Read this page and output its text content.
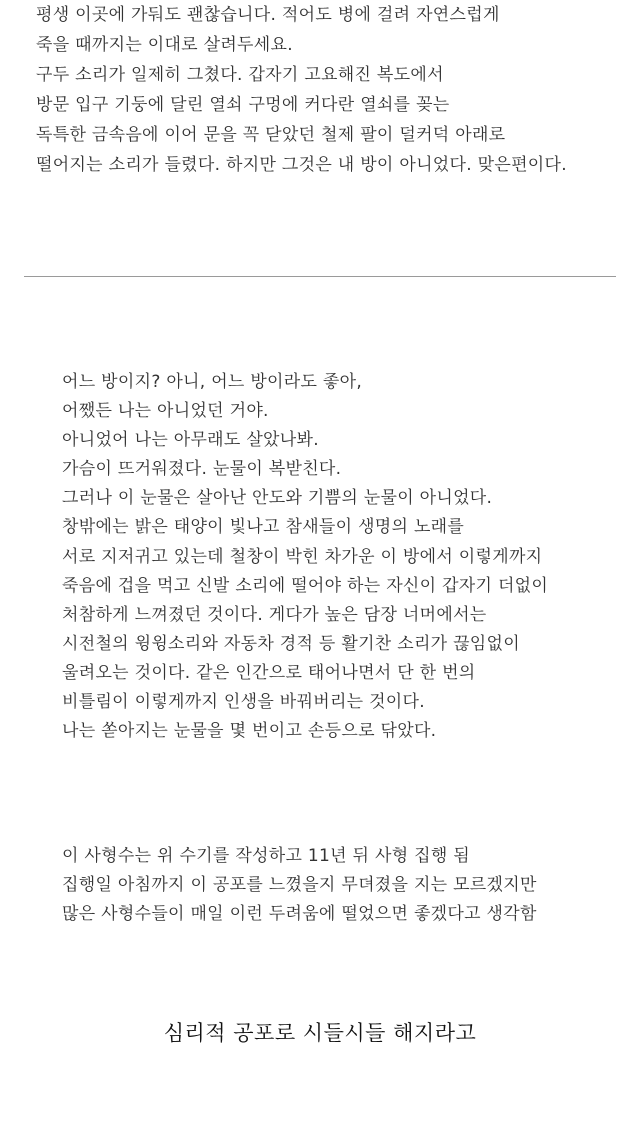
평생 이곳에 가둬도 괜찮습니다. 적어도 병에 걸려 자연스럽게
죽을 때까지는 이대로 살려두세요.
구두 소리가 일제히 그쳤다. 갑자기 고요해진 복도에서
방문 입구 기둥에 달린 열쇠 구멍에 커다란 열쇠를 꽂는
독특한 금속음에 이어 문을 꼭 닫았던 철제 팔이 덜커덕 아래로
떨어지는 소리가 들렸다. 하지만 그것은 내 방이 아니었다. 맞은편이다.
어느 방이지? 아니, 어느 방이라도 좋아,
어쨌든 나는 아니었던 거야.
아니었어 나는 아무래도 살았나봐.
가슴이 뜨거워졌다. 눈물이 복받친다.
그러나 이 눈물은 살아난 안도와 기쁨의 눈물이 아니었다.
창밖에는 밝은 태양이 빛나고 참새들이 생명의 노래를
서로 지저귀고 있는데 철창이 박힌 차가운 이 방에서 이렇게까지
죽음에 겁을 먹고 신발 소리에 떨어야 하는 자신이 갑자기 더없이
처참하게 느껴졌던 것이다. 게다가 높은 담장 너머에서는
시전철의 윙윙소리와 자동차 경적 등 활기찬 소리가 끊임없이
울려오는 것이다. 같은 인간으로 태어나면서 단 한 번의
비틀림이 이렇게까지 인생을 바꿔버리는 것이다.
나는 쏟아지는 눈물을 몇 번이고 손등으로 닦았다.
이 사형수는 위 수기를 작성하고 11년 뒤 사형 집행 됨
집행일 아침까지 이 공포를 느꼈을지 무뎌졌을 지는 모르겠지만
많은 사형수들이 매일 이런 두려움에 떨었으면 좋겠다고 생각함
심리적 공포로 시들시들 해지라고
